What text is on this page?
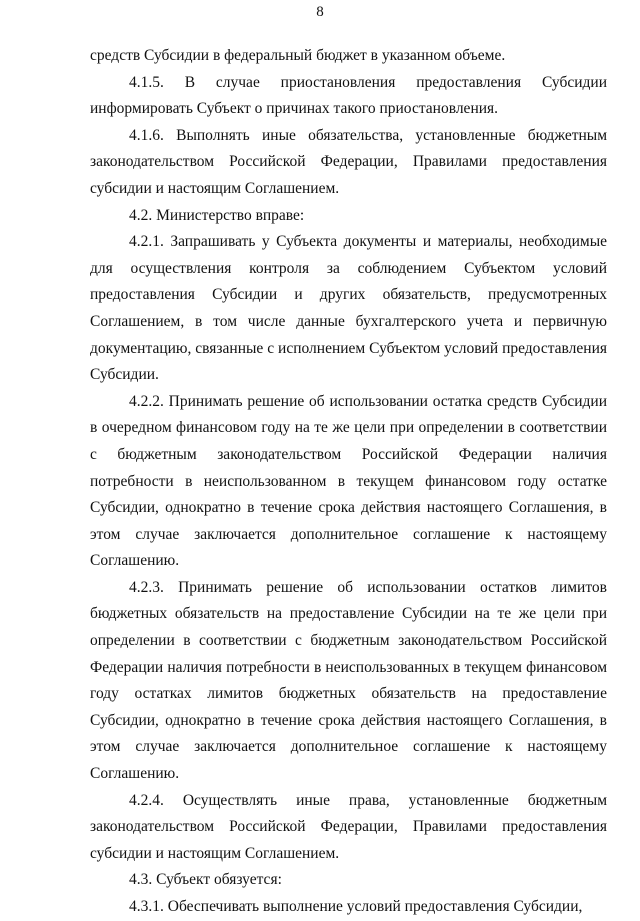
8

средств Субсидии в федеральный бюджет в указанном объеме.

4.1.5. В случае приостановления предоставления Субсидии информировать Субъект о причинах такого приостановления.

4.1.6. Выполнять иные обязательства, установленные бюджетным законодательством Российской Федерации, Правилами предоставления субсидии и настоящим Соглашением.

4.2. Министерство вправе:

4.2.1. Запрашивать у Субъекта документы и материалы, необходимые для осуществления контроля за соблюдением Субъектом условий предоставления Субсидии и других обязательств, предусмотренных Соглашением, в том числе данные бухгалтерского учета и первичную документацию, связанные с исполнением Субъектом условий предоставления Субсидии.

4.2.2. Принимать решение об использовании остатка средств Субсидии в очередном финансовом году на те же цели при определении в соответствии с бюджетным законодательством Российской Федерации наличия потребности в неиспользованном в текущем финансовом году остатке Субсидии, однократно в течение срока действия настоящего Соглашения, в этом случае заключается дополнительное соглашение к настоящему Соглашению.

4.2.3. Принимать решение об использовании остатков лимитов бюджетных обязательств на предоставление Субсидии на те же цели при определении в соответствии с бюджетным законодательством Российской Федерации наличия потребности в неиспользованных в текущем финансовом году остатках лимитов бюджетных обязательств на предоставление Субсидии, однократно в течение срока действия настоящего Соглашения, в этом случае заключается дополнительное соглашение к настоящему Соглашению.

4.2.4. Осуществлять иные права, установленные бюджетным законодательством Российской Федерации, Правилами предоставления субсидии и настоящим Соглашением.

4.3. Субъект обязуется:

4.3.1. Обеспечивать выполнение условий предоставления Субсидии,
